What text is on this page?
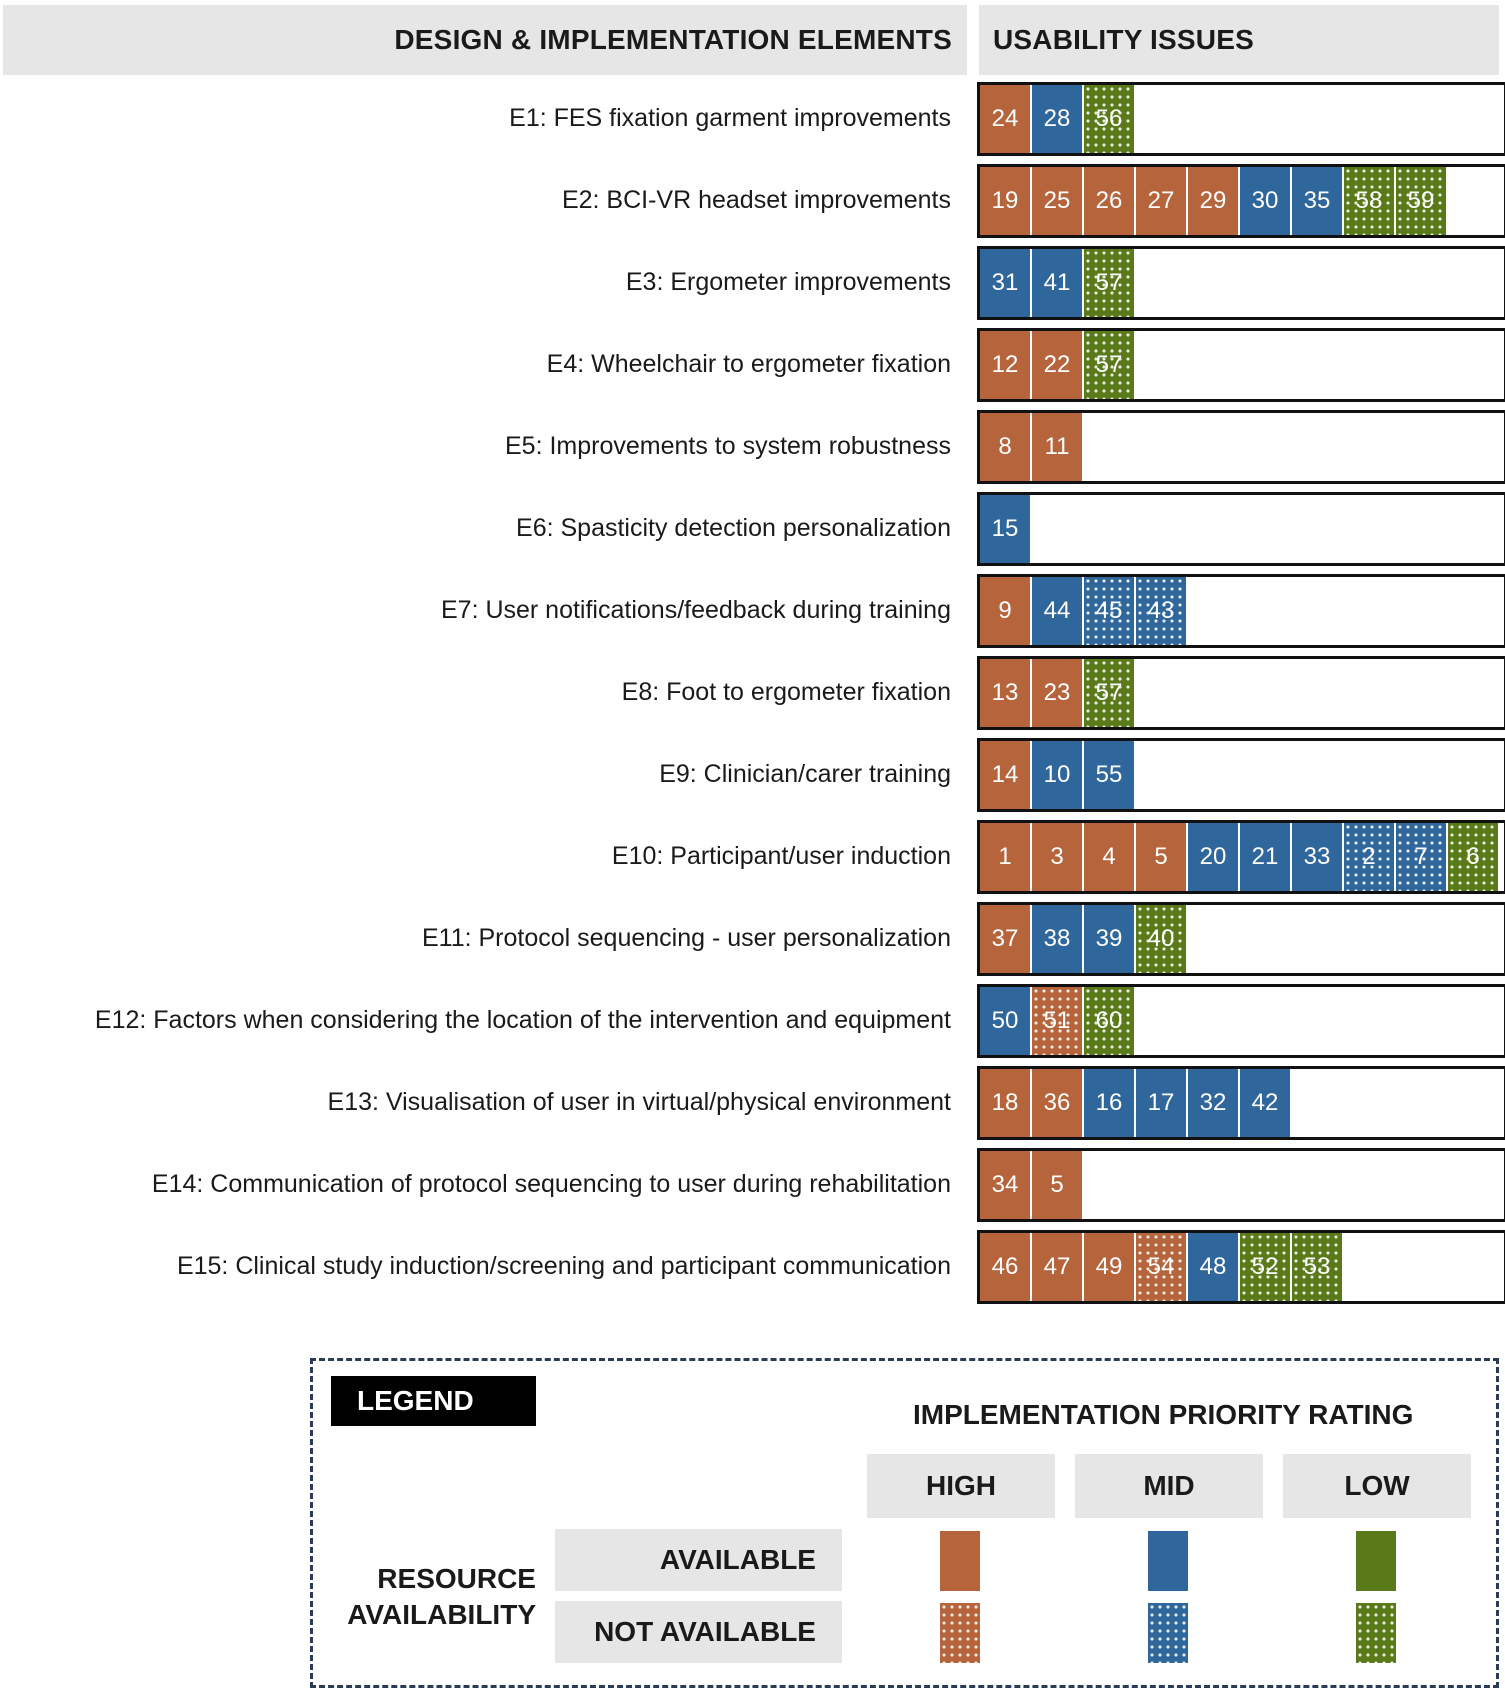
DESIGN & IMPLEMENTATION ELEMENTS USABILITY ISSUES
E1: FES fixation garment improvements	24	28	56
E2: BCI-VR headset improvements	19	25	26	27	29	30	35	58	59
E3: Ergometer improvements	31	41	57
E4: Wheelchair to ergometer fixation	12	22	57
E5: Improvements to system robustness	8	11
E6: Spasticity detection personalization	15
E7: User notifications/feedback during training	9	44	45	43
E8: Foot to ergometer fixation	13	23	57
E9: Clinician/carer training	14	10	55
E10: Participant/user induction	1	3	4	5	20	21	33	2	7	6
E11: Protocol sequencing - user personalization	37	38	39	40
E12: Factors when considering the location of the intervention and equipment	50	51	60
E13: Visualisation of user in virtual/physical environment	18	36	16	17	32	42
E14: Communication of protocol sequencing to user during rehabilitation	34	5
E15: Clinical study induction/screening and participant communication	46	47	49	54	48	52	53
LEGEND	IMPLEMENTATION PRIORITY RATING
HIGH	MID	LOW
RESOURCE AVAILABILITY
AVAILABLE
NOT AVAILABLE
